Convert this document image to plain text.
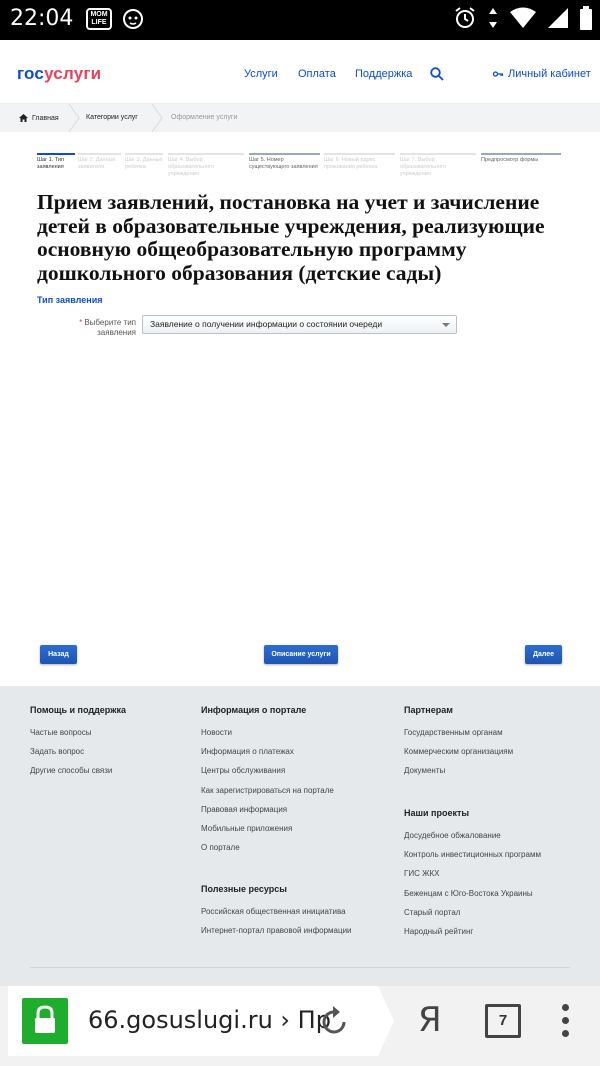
22:04	MOM LIFE
госуслуги	Услуги Оплата Поддержка	Личный кабинет
Главная	Категории услуг	Оформление услуги
Шаг 1. Тип заявления
Шаг 2. Данные заявителя
Шаг 3. Данные ребенка
Шаг 4. Выбор образовательного учреждения
Шаг 5. Номер существующего заявления
Шаг 6. Новый адрес проживания ребенка
Шаг 7. Выбор образовательного учреждения
Предпросмотр формы
Прием заявлений, постановка на учет и зачисление детей в образовательные учреждения, реализующие основную общеобразовательную программу дошкольного образования (детские сады)
Тип заявления
* Выберите тип заявления
Заявление о получении информации о состоянии очереди
Назад	Описание услуги	Далее
Помощь и поддержка
Частые вопросы
Задать вопрос
Другие способы связи
Информация о портале
Новости
Информация о платежах
Центры обслуживания
Как зарегистрироваться на портале
Правовая информация
Мобильные приложения
О портале
Полезные ресурсы
Российская общественная инициатива
Интернет-портал правовой информации
Партнерам
Государственным органам
Коммерческим организациям
Документы
Наши проекты
Досудебное обжалование
Контроль инвестиционных программ
ГИС ЖКХ
Беженцам с Юго-Востока Украины
Старый портал
Народный рейтинг
66.gosuslugi.ru › Пр	Я	7
